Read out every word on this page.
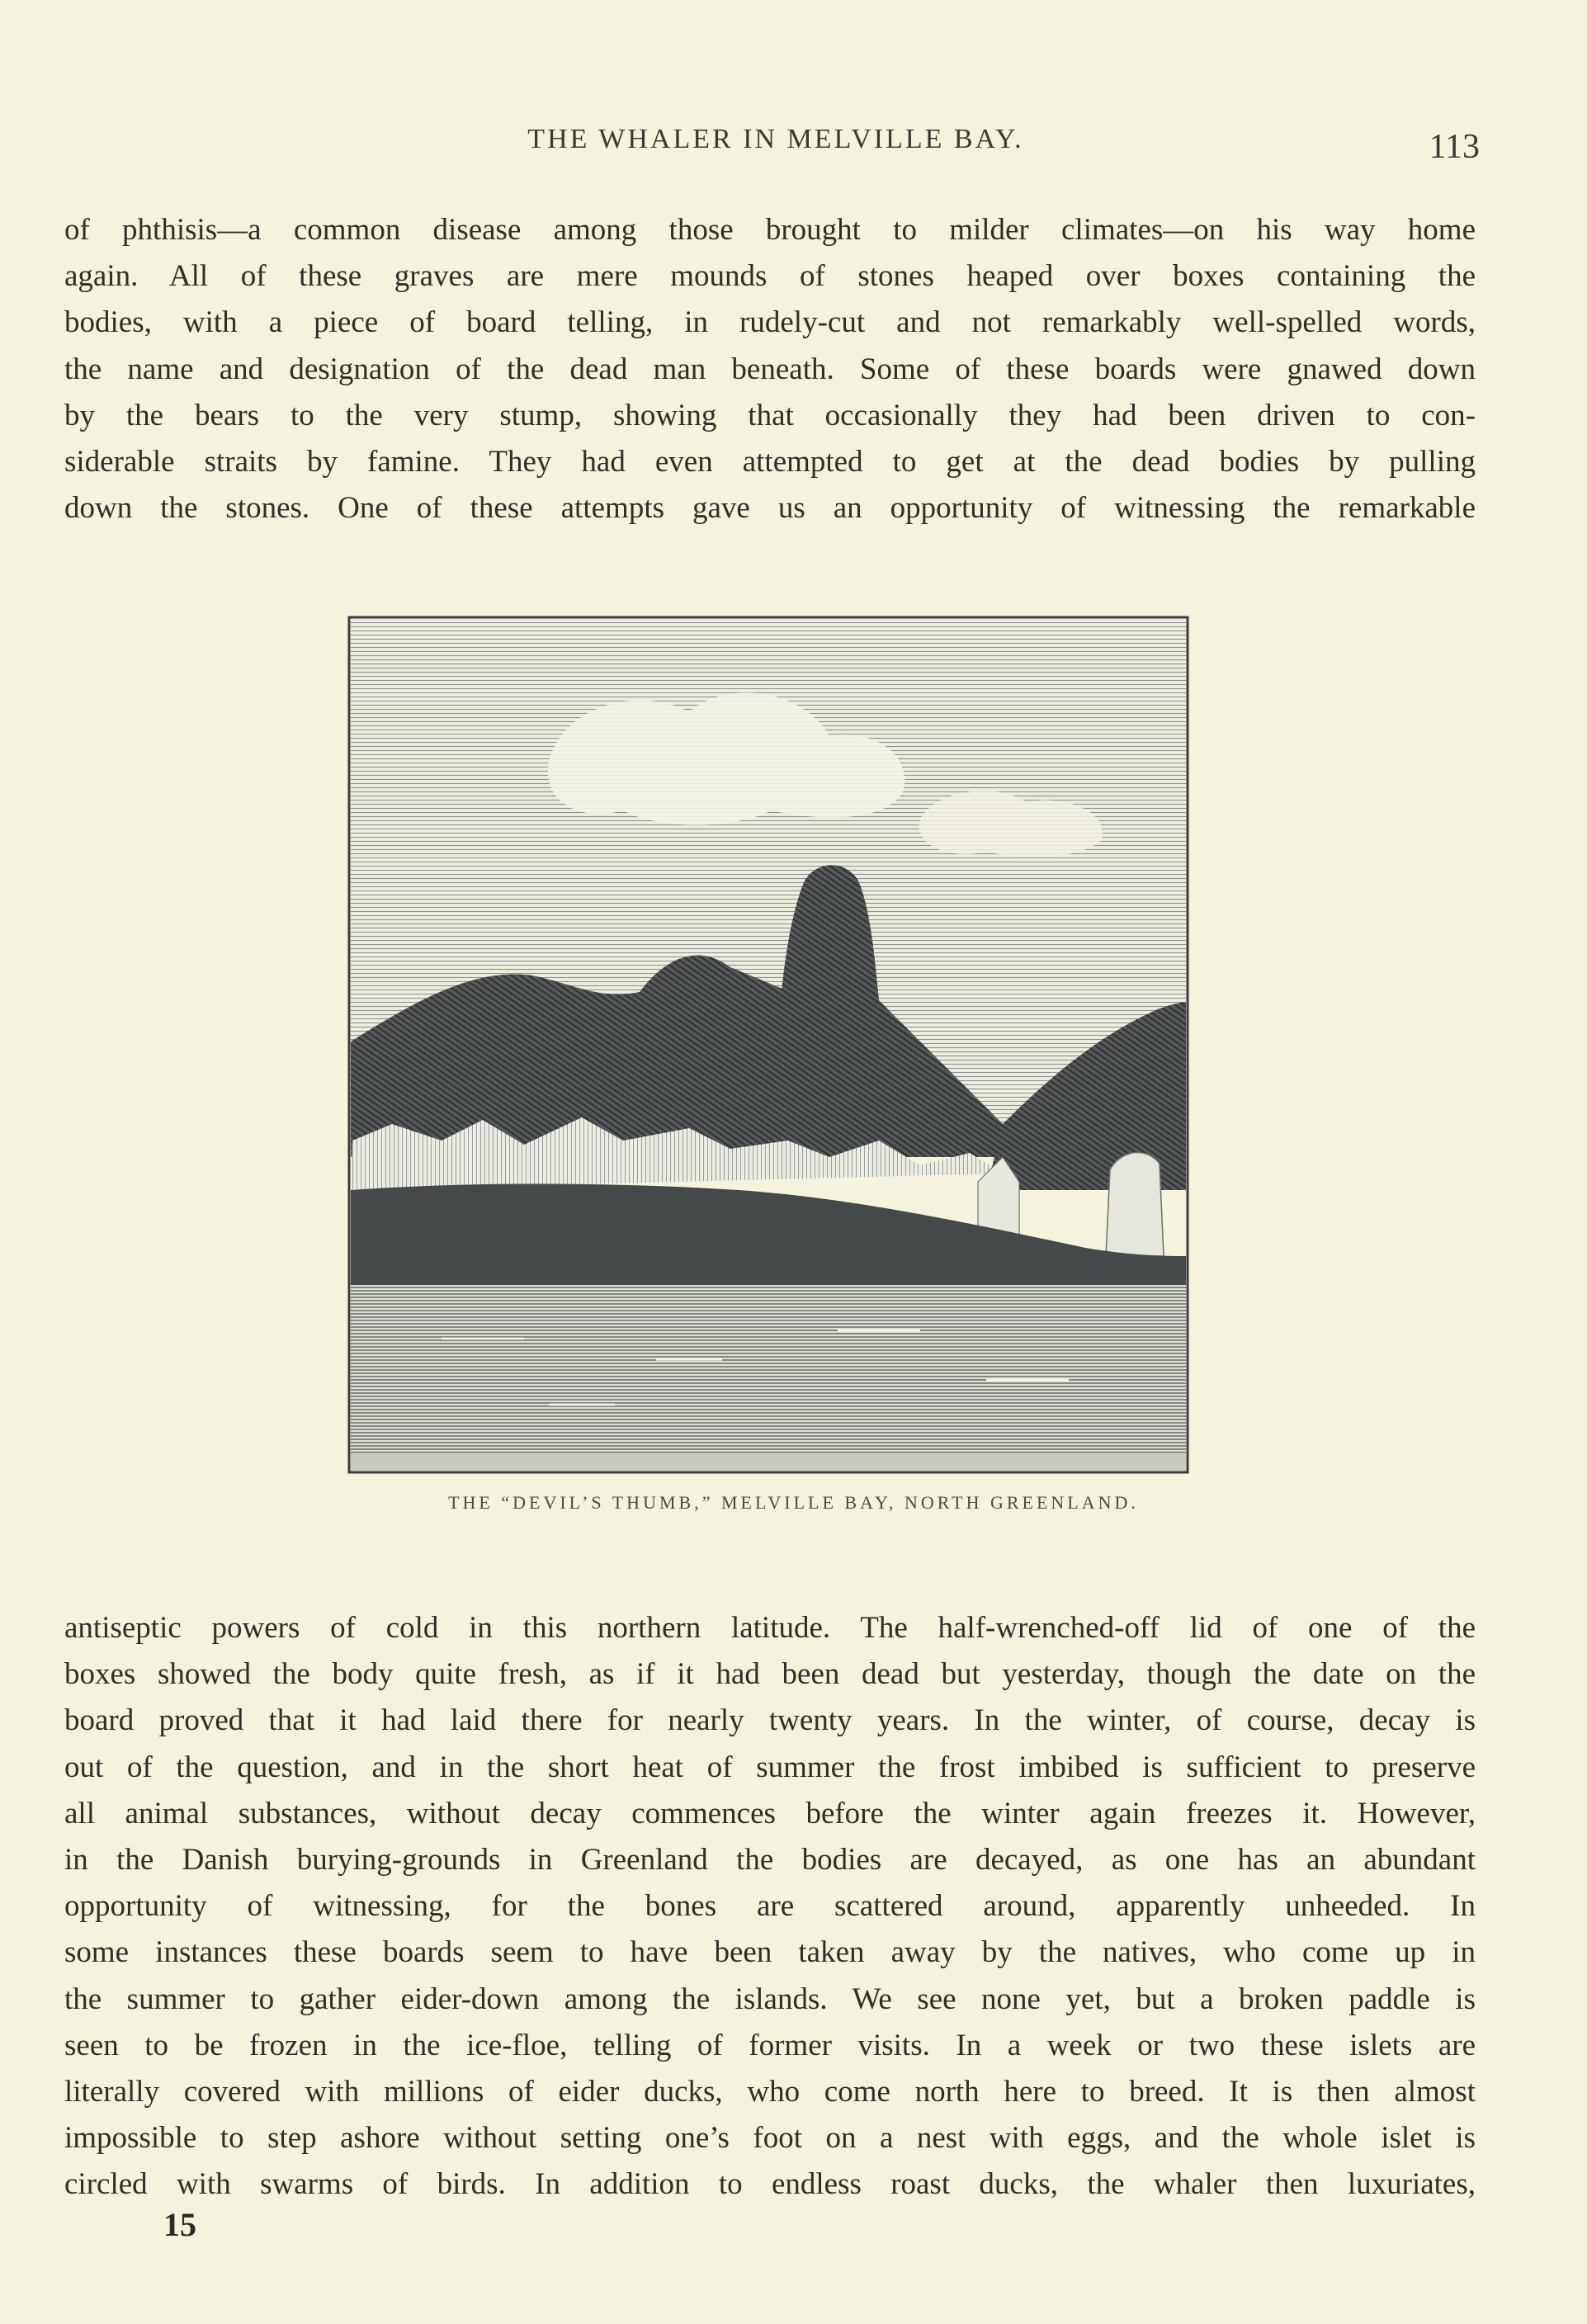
THE WHALER IN MELVILLE BAY.	113
of phthisis—a common disease among those brought to milder climates—on his way home
again. All of these graves are mere mounds of stones heaped over boxes containing the
bodies, with a piece of board telling, in rudely-cut and not remarkably well-spelled words,
the name and designation of the dead man beneath. Some of these boards were gnawed down
by the bears to the very stump, showing that occasionally they had been driven to con-
siderable straits by famine. They had even attempted to get at the dead bodies by pulling
down the stones. One of these attempts gave us an opportunity of witnessing the remarkable
THE “DEVIL’S THUMB,” MELVILLE BAY, NORTH GREENLAND.
antiseptic powers of cold in this northern latitude. The half-wrenched-off lid of one of the
boxes showed the body quite fresh, as if it had been dead but yesterday, though the date on the
board proved that it had laid there for nearly twenty years. In the winter, of course, decay is
out of the question, and in the short heat of summer the frost imbibed is sufficient to preserve
all animal substances, without decay commences before the winter again freezes it. However,
in the Danish burying-grounds in Greenland the bodies are decayed, as one has an abundant
opportunity of witnessing, for the bones are scattered around, apparently unheeded. In
some instances these boards seem to have been taken away by the natives, who come up in
the summer to gather eider-down among the islands. We see none yet, but a broken paddle is
seen to be frozen in the ice-floe, telling of former visits. In a week or two these islets are
literally covered with millions of eider ducks, who come north here to breed. It is then almost
impossible to step ashore without setting one’s foot on a nest with eggs, and the whole islet is
circled with swarms of birds. In addition to endless roast ducks, the whaler then luxuriates,
15
